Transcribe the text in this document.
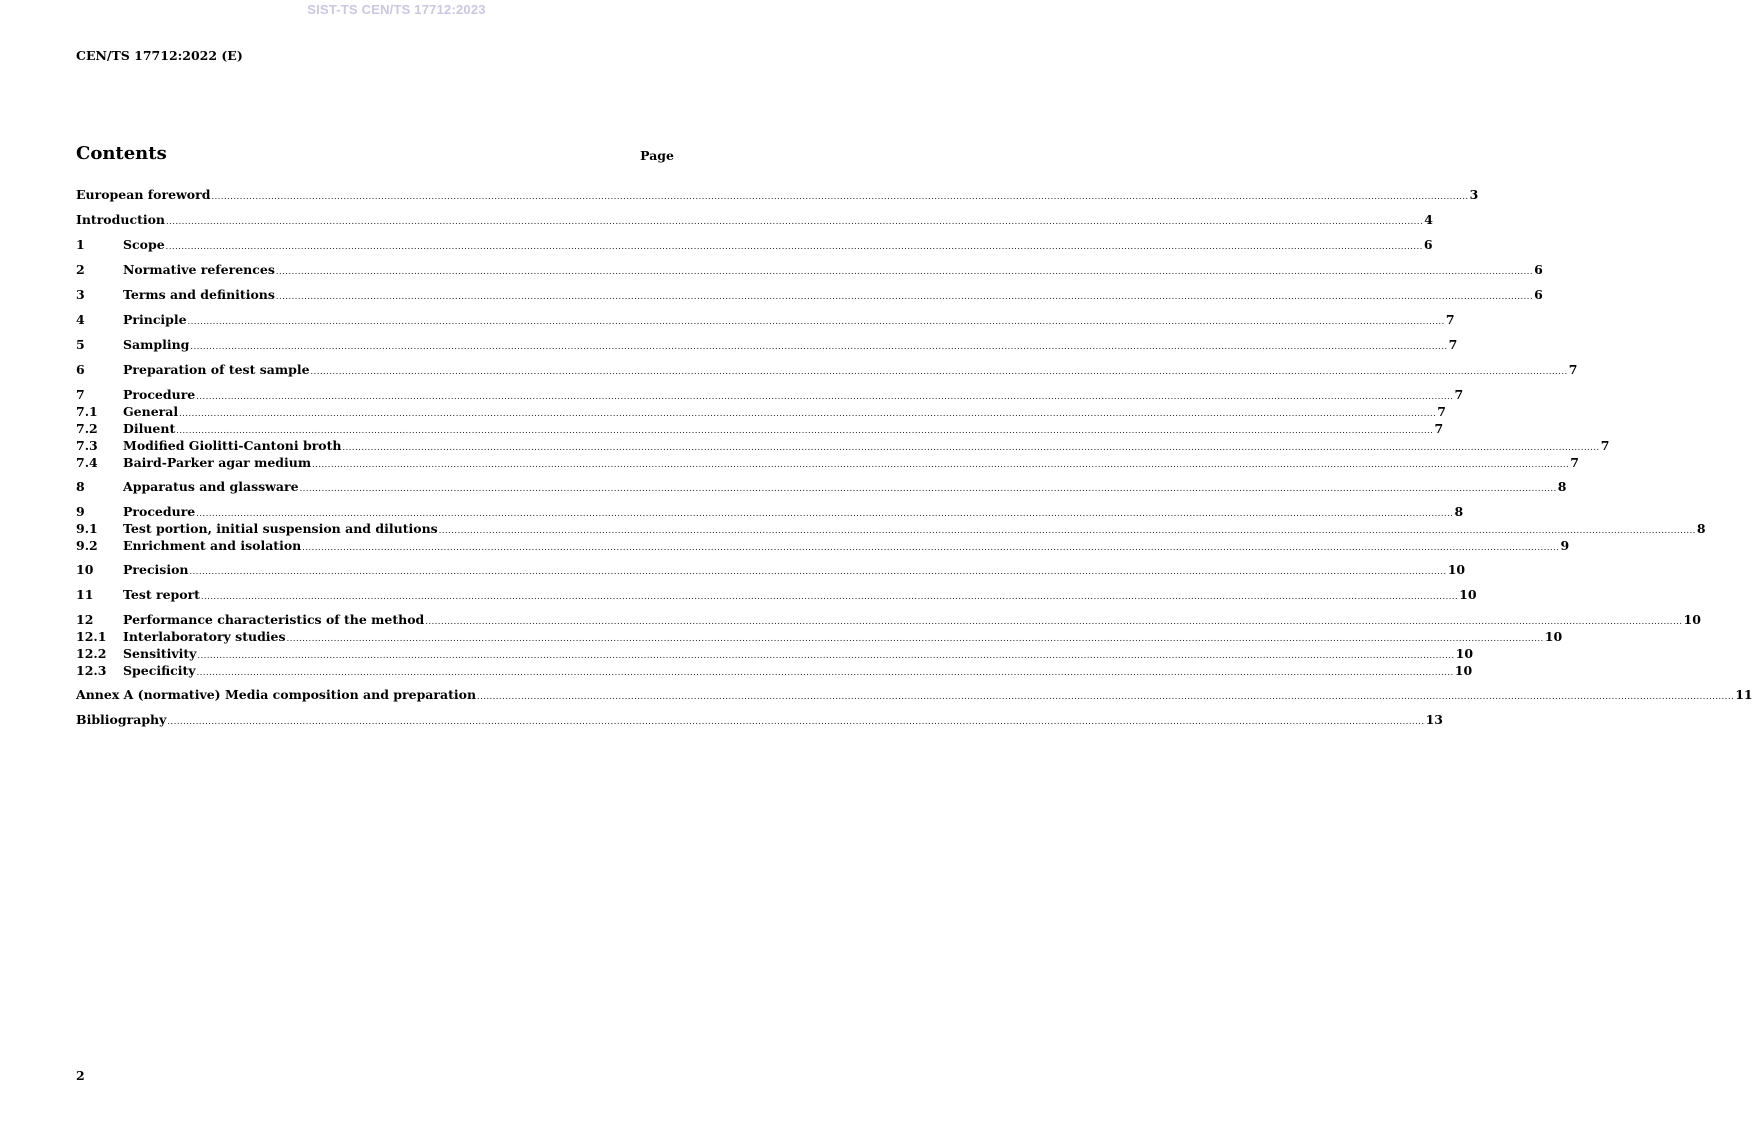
SIST-TS CEN/TS 17712:2023
CEN/TS 17712:2022 (E)
Contents	Page
European foreword ................................................................................................................................................................................................................................................................................................................................................................................................................ 3
Introduction ................................................................................................................................................................................................................................................................................................................................................................................................................ 4
1	Scope ................................................................................................................................................................................................................................................................................................................................................................................................................ 6
2	Normative references ................................................................................................................................................................................................................................................................................................................................................................................................................ 6
3	Terms and definitions ................................................................................................................................................................................................................................................................................................................................................................................................................ 6
4	Principle ................................................................................................................................................................................................................................................................................................................................................................................................................ 7
5	Sampling ................................................................................................................................................................................................................................................................................................................................................................................................................ 7
6	Preparation of test sample ................................................................................................................................................................................................................................................................................................................................................................................................................ 7
7	Procedure ................................................................................................................................................................................................................................................................................................................................................................................................................ 7
7.1	General ................................................................................................................................................................................................................................................................................................................................................................................................................ 7
7.2	Diluent ................................................................................................................................................................................................................................................................................................................................................................................................................ 7
7.3	Modified Giolitti-Cantoni broth ................................................................................................................................................................................................................................................................................................................................................................................................................ 7
7.4	Baird-Parker agar medium ................................................................................................................................................................................................................................................................................................................................................................................................................ 7
8	Apparatus and glassware ................................................................................................................................................................................................................................................................................................................................................................................................................ 8
9	Procedure ................................................................................................................................................................................................................................................................................................................................................................................................................ 8
9.1	Test portion, initial suspension and dilutions ................................................................................................................................................................................................................................................................................................................................................................................................................ 8
9.2	Enrichment and isolation ................................................................................................................................................................................................................................................................................................................................................................................................................ 9
10	Precision ................................................................................................................................................................................................................................................................................................................................................................................................................ 10
11	Test report ................................................................................................................................................................................................................................................................................................................................................................................................................ 10
12	Performance characteristics of the method ................................................................................................................................................................................................................................................................................................................................................................................................................ 10
12.1	Interlaboratory studies ................................................................................................................................................................................................................................................................................................................................................................................................................ 10
12.2	Sensitivity ................................................................................................................................................................................................................................................................................................................................................................................................................ 10
12.3	Specificity ................................................................................................................................................................................................................................................................................................................................................................................................................ 10
Annex A (normative) Media composition and preparation ................................................................................................................................................................................................................................................................................................................................................................................................................ 11
Bibliography ................................................................................................................................................................................................................................................................................................................................................................................................................ 13
2
